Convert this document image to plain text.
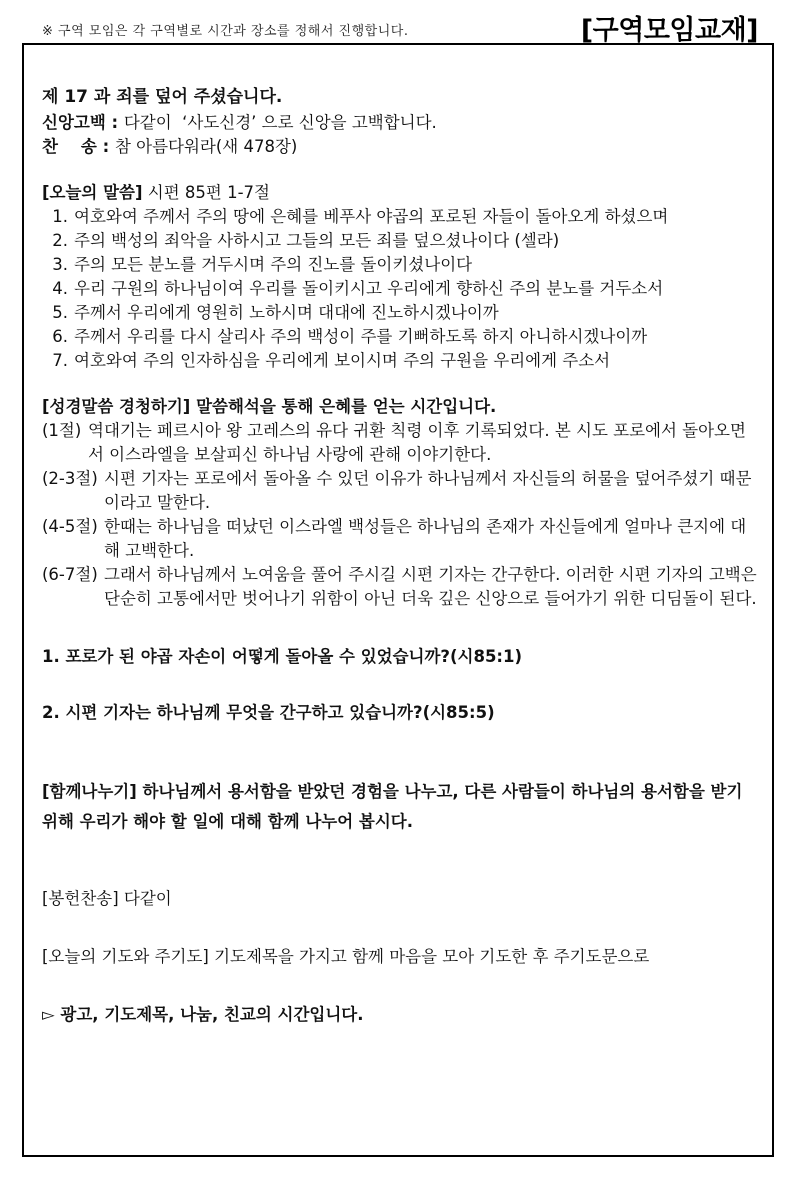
※ 구역 모임은 각 구역별로 시간과 장소를 정해서 진행합니다.	[구역모임교재]
제 17 과 죄를 덮어 주셨습니다.
신앙고백 : 다같이  ‘사도신경’ 으로 신앙을 고백합니다.
찬    송 : 참 아름다워라(새 478장)
[오늘의 말씀] 시편 85편 1-7절
1. 여호와여 주께서 주의 땅에 은혜를 베푸사 야곱의 포로된 자들이 돌아오게 하셨으며
2. 주의 백성의 죄악을 사하시고 그들의 모든 죄를 덮으셨나이다 (셀라)
3. 주의 모든 분노를 거두시며 주의 진노를 돌이키셨나이다
4. 우리 구원의 하나님이여 우리를 돌이키시고 우리에게 향하신 주의 분노를 거두소서
5. 주께서 우리에게 영원히 노하시며 대대에 진노하시겠나이까
6. 주께서 우리를 다시 살리사 주의 백성이 주를 기뻐하도록 하지 아니하시겠나이까
7. 여호와여 주의 인자하심을 우리에게 보이시며 주의 구원을 우리에게 주소서
[성경말씀 경청하기] 말씀해석을 통해 은혜를 얻는 시간입니다.
(1절) 역대기는 페르시아 왕 고레스의 유다 귀환 칙령 이후 기록되었다. 본 시도 포로에서 돌아오면서 이스라엘을 보살피신 하나님 사랑에 관해 이야기한다.
(2-3절) 시편 기자는 포로에서 돌아올 수 있던 이유가 하나님께서 자신들의 허물을 덮어주셨기 때문이라고 말한다.
(4-5절) 한때는 하나님을 떠났던 이스라엘 백성들은 하나님의 존재가 자신들에게 얼마나 큰지에 대해 고백한다.
(6-7절) 그래서 하나님께서 노여움을 풀어 주시길 시편 기자는 간구한다. 이러한 시편 기자의 고백은 단순히 고통에서만 벗어나기 위함이 아닌 더욱 깊은 신앙으로 들어가기 위한 디딤돌이 된다.
1. 포로가 된 야곱 자손이 어떻게 돌아올 수 있었습니까?(시85:1)
2. 시편 기자는 하나님께 무엇을 간구하고 있습니까?(시85:5)
[함께나누기] 하나님께서 용서함을 받았던 경험을 나누고, 다른 사람들이 하나님의 용서함을 받기 위해 우리가 해야 할 일에 대해 함께 나누어 봅시다.
[봉헌찬송] 다같이
[오늘의 기도와 주기도] 기도제목을 가지고 함께 마음을 모아 기도한 후 주기도문으로
▻ 광고, 기도제목, 나눔, 친교의 시간입니다.
